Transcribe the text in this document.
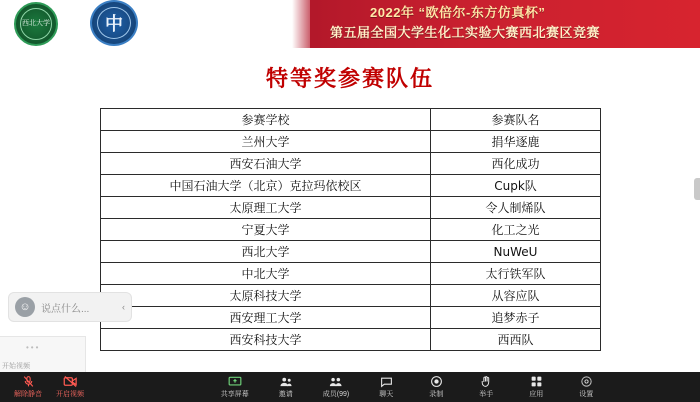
西北大学	中
2022年 “欧倍尔-东方仿真杯”
第五届全国大学生化工实验大赛西北赛区竞赛
特等奖参赛队伍
参赛学校	参赛队名
兰州大学	捐华逐鹿
西安石油大学	西化成功
中国石油大学（北京）克拉玛依校区	Cupk队
太原理工大学	令人制烯队
宁夏大学	化工之光
西北大学	NuWeU
中北大学	太行铁军队
太原科技大学	从容应队
西安理工大学	追梦赤子
西安科技大学	西西队
☺	说点什么...	‹
•••
开始视频
解除静音 开启视频	共享屏幕	邀请	成员(99)	聊天	录制	举手	应用	设置
